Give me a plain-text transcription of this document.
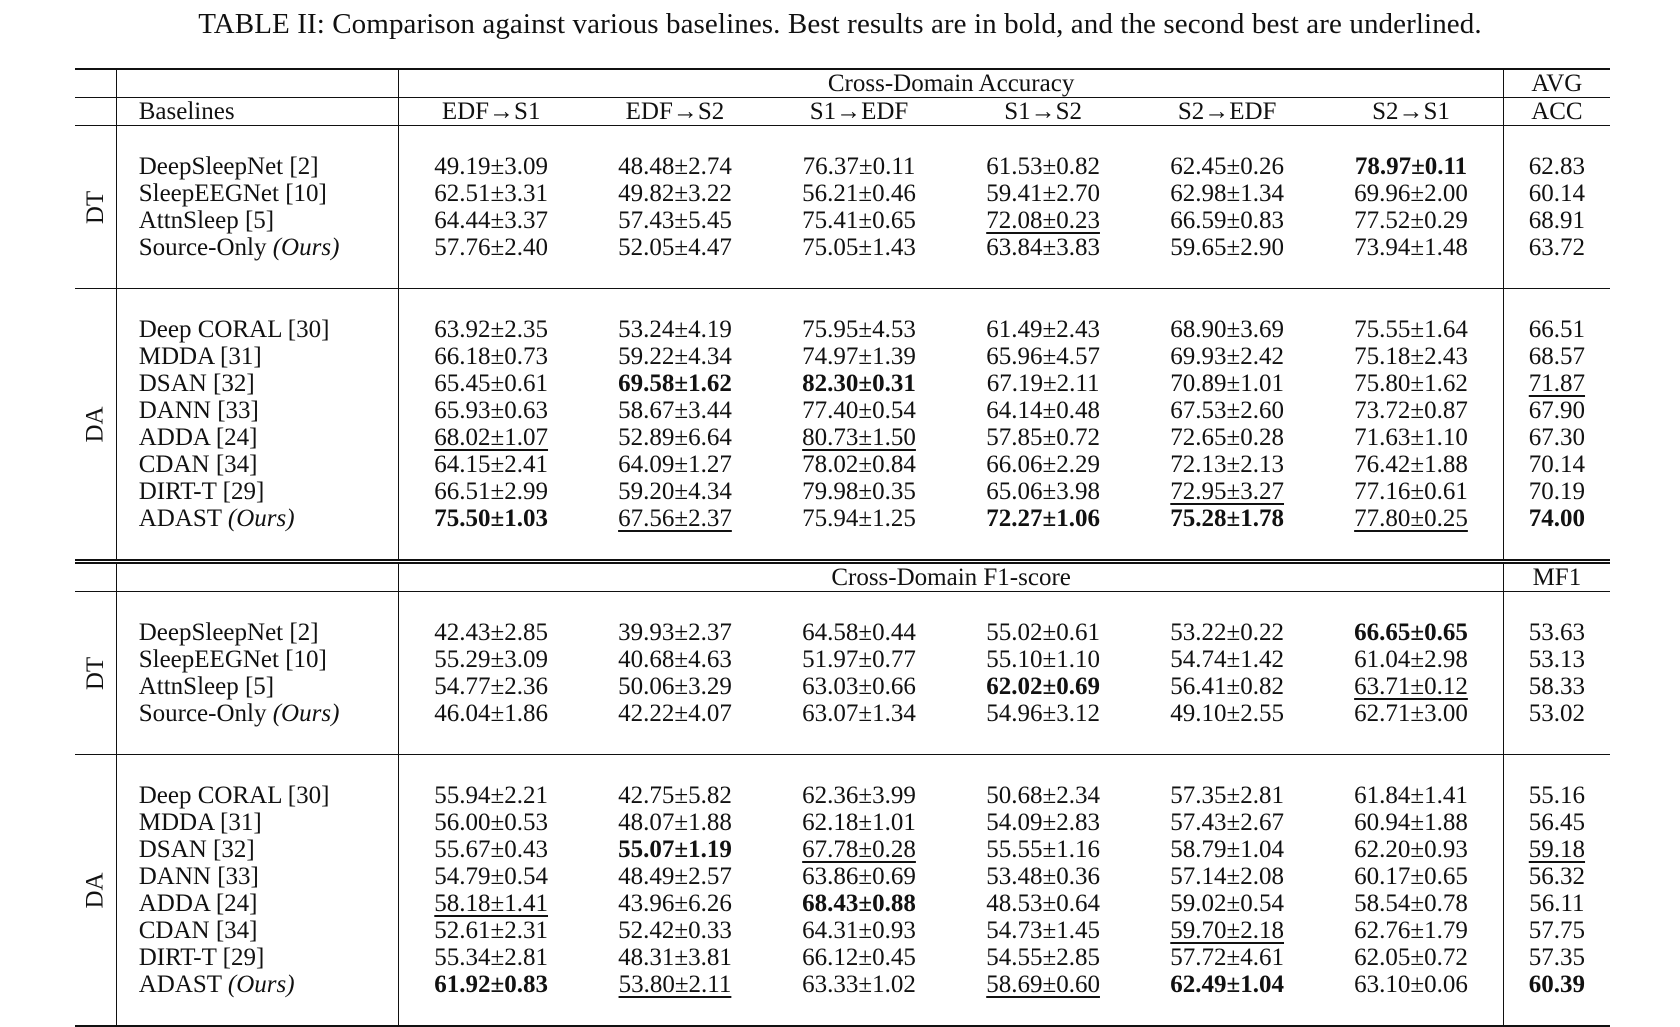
TABLE II: Comparison against various baselines. Best results are in bold, and the second best are underlined.
		Cross-Domain Accuracy						AVG
	Baselines	EDF→S1	EDF→S2	S1→EDF	S1→S2	S2→EDF	S2→S1	ACC

DT	DeepSleepNet [2]	49.19±3.09	48.48±2.74	76.37±0.11	61.53±0.82	62.45±0.26	78.97±0.11	62.83
	SleepEEGNet [10]	62.51±3.31	49.82±3.22	56.21±0.46	59.41±2.70	62.98±1.34	69.96±2.00	60.14
	AttnSleep [5]	64.44±3.37	57.43±5.45	75.41±0.65	72.08±0.23	66.59±0.83	77.52±0.29	68.91
	Source-Only (Ours)	57.76±2.40	52.05±4.47	75.05±1.43	63.84±3.83	59.65±2.90	73.94±1.48	63.72

DA	Deep CORAL [30]	63.92±2.35	53.24±4.19	75.95±4.53	61.49±2.43	68.90±3.69	75.55±1.64	66.51
	MDDA [31]	66.18±0.73	59.22±4.34	74.97±1.39	65.96±4.57	69.93±2.42	75.18±2.43	68.57
	DSAN [32]	65.45±0.61	69.58±1.62	82.30±0.31	67.19±2.11	70.89±1.01	75.80±1.62	71.87
	DANN [33]	65.93±0.63	58.67±3.44	77.40±0.54	64.14±0.48	67.53±2.60	73.72±0.87	67.90
	ADDA [24]	68.02±1.07	52.89±6.64	80.73±1.50	57.85±0.72	72.65±0.28	71.63±1.10	67.30
	CDAN [34]	64.15±2.41	64.09±1.27	78.02±0.84	66.06±2.29	72.13±2.13	76.42±1.88	70.14
	DIRT-T [29]	66.51±2.99	59.20±4.34	79.98±0.35	65.06±3.98	72.95±3.27	77.16±0.61	70.19
	ADAST (Ours)	75.50±1.03	67.56±2.37	75.94±1.25	72.27±1.06	75.28±1.78	77.80±0.25	74.00

		Cross-Domain F1-score						MF1

DT	DeepSleepNet [2]	42.43±2.85	39.93±2.37	64.58±0.44	55.02±0.61	53.22±0.22	66.65±0.65	53.63
	SleepEEGNet [10]	55.29±3.09	40.68±4.63	51.97±0.77	55.10±1.10	54.74±1.42	61.04±2.98	53.13
	AttnSleep [5]	54.77±2.36	50.06±3.29	63.03±0.66	62.02±0.69	56.41±0.82	63.71±0.12	58.33
	Source-Only (Ours)	46.04±1.86	42.22±4.07	63.07±1.34	54.96±3.12	49.10±2.55	62.71±3.00	53.02

DA	Deep CORAL [30]	55.94±2.21	42.75±5.82	62.36±3.99	50.68±2.34	57.35±2.81	61.84±1.41	55.16
	MDDA [31]	56.00±0.53	48.07±1.88	62.18±1.01	54.09±2.83	57.43±2.67	60.94±1.88	56.45
	DSAN [32]	55.67±0.43	55.07±1.19	67.78±0.28	55.55±1.16	58.79±1.04	62.20±0.93	59.18
	DANN [33]	54.79±0.54	48.49±2.57	63.86±0.69	53.48±0.36	57.14±2.08	60.17±0.65	56.32
	ADDA [24]	58.18±1.41	43.96±6.26	68.43±0.88	48.53±0.64	59.02±0.54	58.54±0.78	56.11
	CDAN [34]	52.61±2.31	52.42±0.33	64.31±0.93	54.73±1.45	59.70±2.18	62.76±1.79	57.75
	DIRT-T [29]	55.34±2.81	48.31±3.81	66.12±0.45	54.55±2.85	57.72±4.61	62.05±0.72	57.35
	ADAST (Ours)	61.92±0.83	53.80±2.11	63.33±1.02	58.69±0.60	62.49±1.04	63.10±0.06	60.39
